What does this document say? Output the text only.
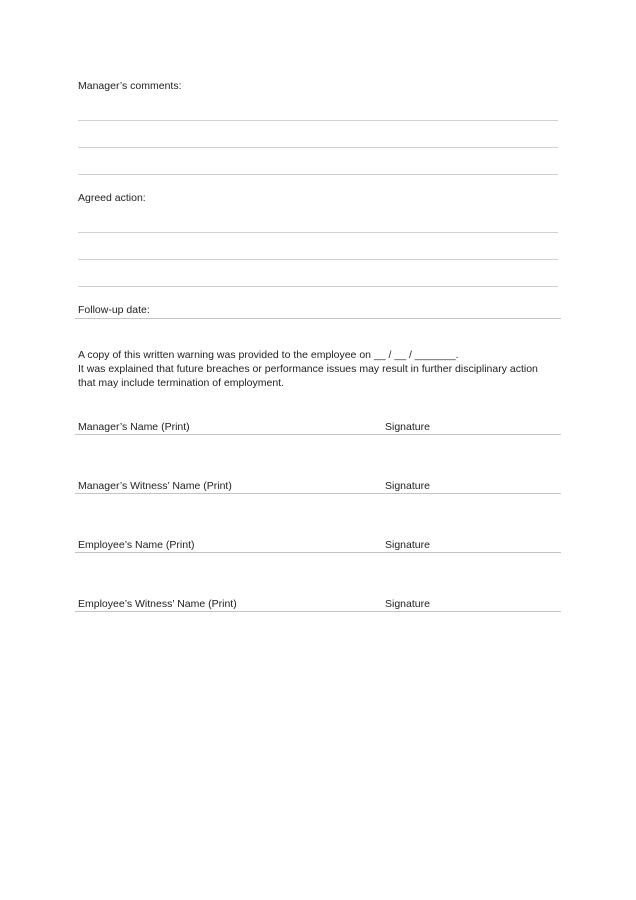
Manager’s comments:
Agreed action:
Follow-up date:
A copy of this written warning was provided to the employee on __ / __ / _______.
It was explained that future breaches or performance issues may result in further disciplinary action
that may include termination of employment.
Manager’s Name (Print)	Signature
Manager’s Witness’ Name (Print)	Signature
Employee’s Name (Print)	Signature
Employee’s Witness’ Name (Print)	Signature
